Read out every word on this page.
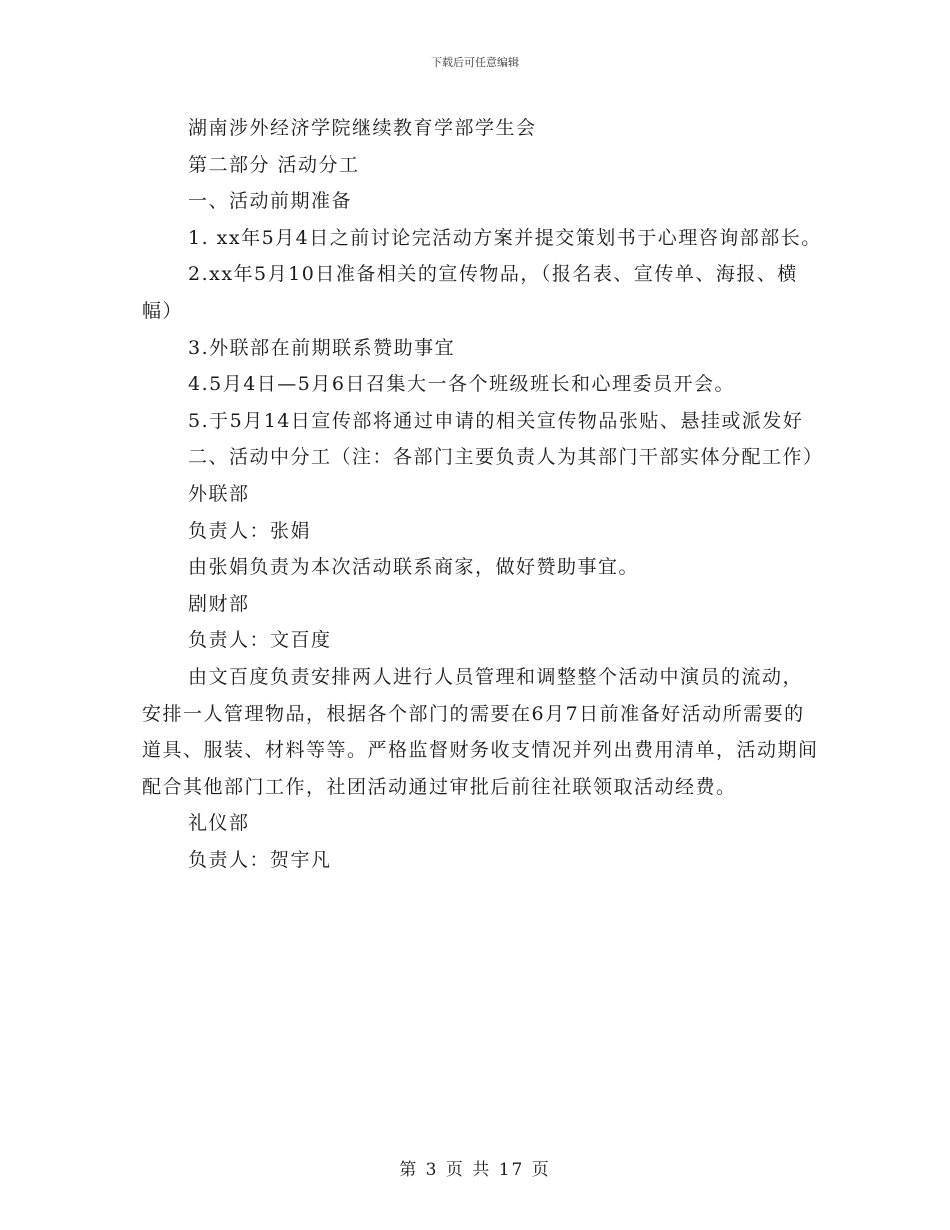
下载后可任意编辑

湖南涉外经济学院继续教育学部学生会

第二部分 活动分工

一、活动前期准备

1. xx年5月4日之前讨论完活动方案并提交策划书于心理咨询部部长。

2.xx年5月10日准备相关的宣传物品，（报名表、宣传单、海报、横幅）

3.外联部在前期联系赞助事宜

4.5月4日—5月6日召集大一各个班级班长和心理委员开会。

5.于5月14日宣传部将通过申请的相关宣传物品张贴、悬挂或派发好

二、活动中分工（注：各部门主要负责人为其部门干部实体分配工作）

外联部

负责人：张娟

由张娟负责为本次活动联系商家，做好赞助事宜。

剧财部

负责人：文百度

由文百度负责安排两人进行人员管理和调整整个活动中演员的流动，安排一人管理物品，根据各个部门的需要在6月7日前准备好活动所需要的道具、服装、材料等等。严格监督财务收支情况并列出费用清单，活动期间配合其他部门工作，社团活动通过审批后前往社联领取活动经费。

礼仪部

负责人：贺宇凡

第 3 页 共 17 页
